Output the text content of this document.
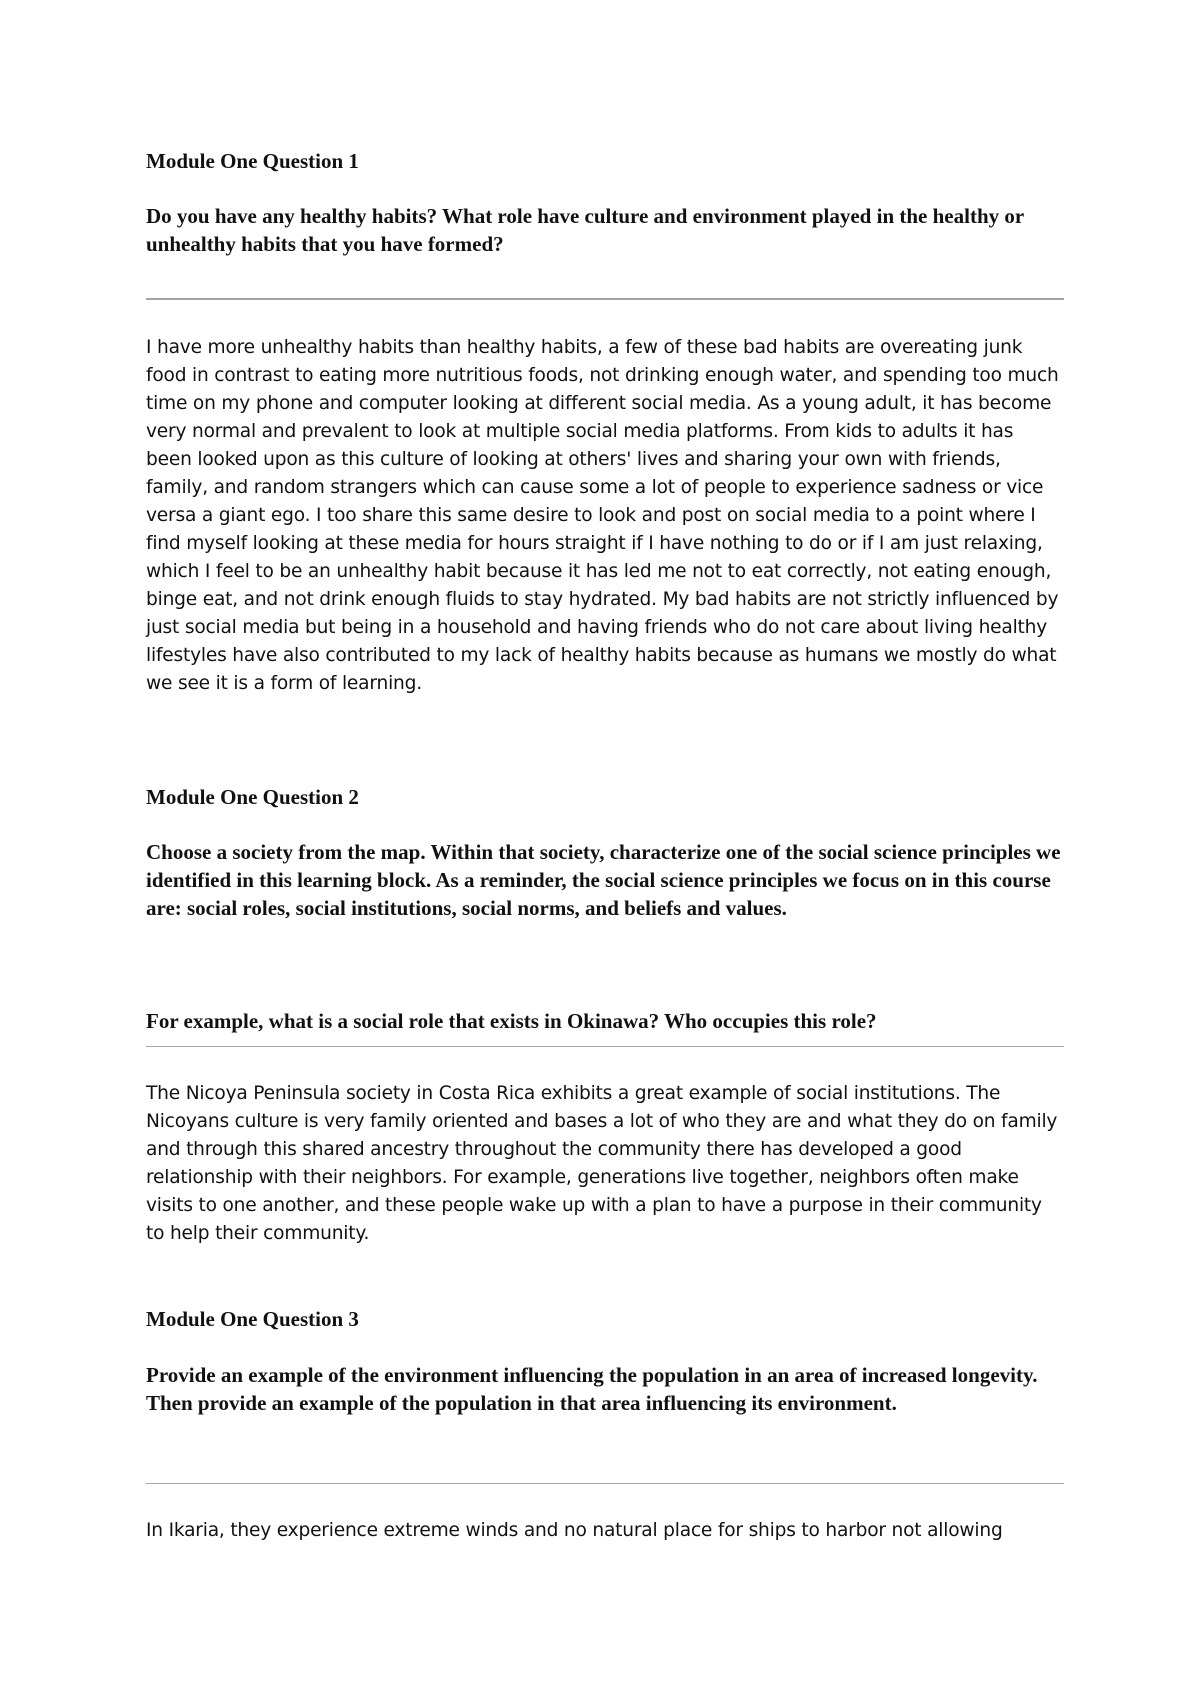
Module One Question 1

Do you have any healthy habits? What role have culture and environment played in the healthy or unhealthy habits that you have formed?

I have more unhealthy habits than healthy habits, a few of these bad habits are overeating junk food in contrast to eating more nutritious foods, not drinking enough water, and spending too much time on my phone and computer looking at different social media. As a young adult, it has become very normal and prevalent to look at multiple social media platforms. From kids to adults it has been looked upon as this culture of looking at others' lives and sharing your own with friends, family, and random strangers which can cause some a lot of people to experience sadness or vice versa a giant ego. I too share this same desire to look and post on social media to a point where I find myself looking at these media for hours straight if I have nothing to do or if I am just relaxing, which I feel to be an unhealthy habit because it has led me not to eat correctly, not eating enough, binge eat, and not drink enough fluids to stay hydrated. My bad habits are not strictly influenced by just social media but being in a household and having friends who do not care about living healthy lifestyles have also contributed to my lack of healthy habits because as humans we mostly do what we see it is a form of learning.

Module One Question 2

Choose a society from the map. Within that society, characterize one of the social science principles we identified in this learning block. As a reminder, the social science principles we focus on in this course are: social roles, social institutions, social norms, and beliefs and values.

For example, what is a social role that exists in Okinawa? Who occupies this role?

The Nicoya Peninsula society in Costa Rica exhibits a great example of social institutions. The Nicoyans culture is very family oriented and bases a lot of who they are and what they do on family and through this shared ancestry throughout the community there has developed a good relationship with their neighbors. For example, generations live together, neighbors often make visits to one another, and these people wake up with a plan to have a purpose in their community to help their community.

Module One Question 3

Provide an example of the environment influencing the population in an area of increased longevity. Then provide an example of the population in that area influencing its environment.

In Ikaria, they experience extreme winds and no natural place for ships to harbor not allowing
